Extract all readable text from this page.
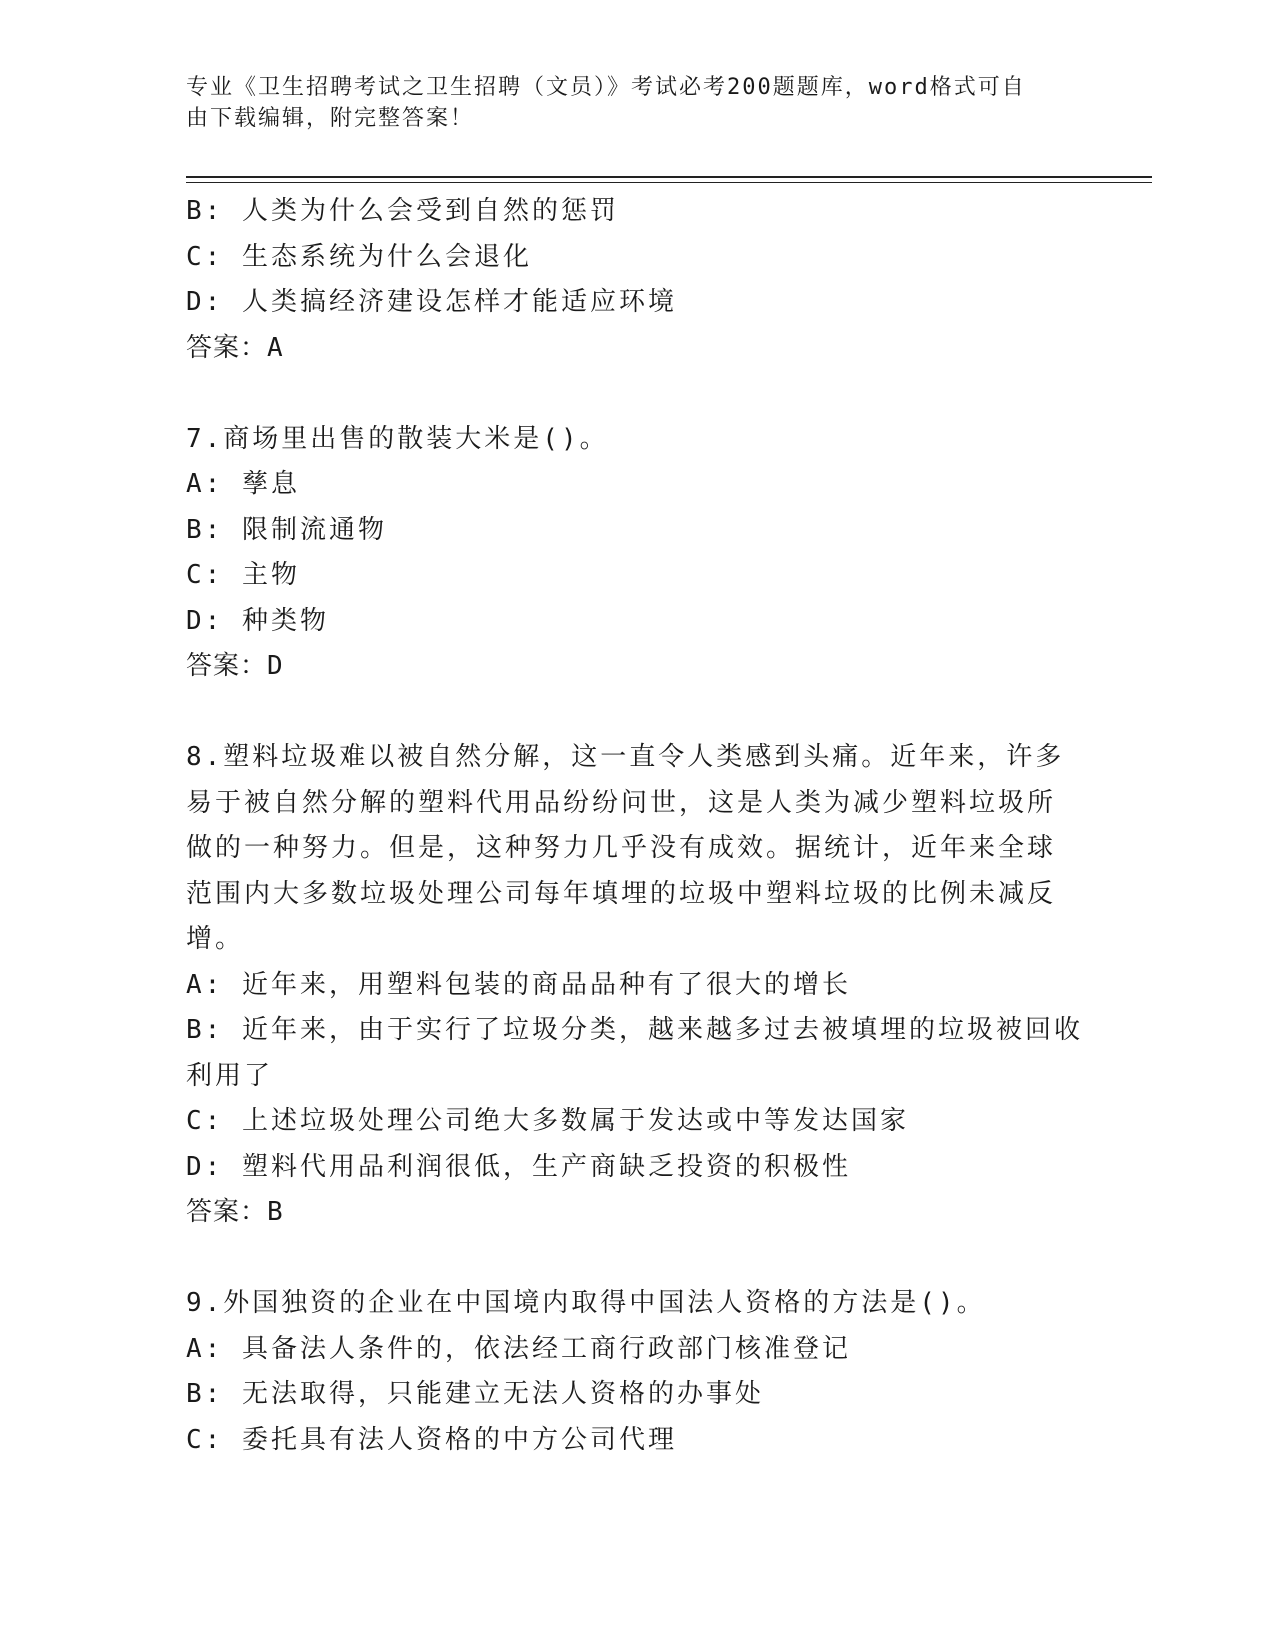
专业《卫生招聘考试之卫生招聘（文员）》考试必考200题题库，word格式可自
由下载编辑，附完整答案！
B: 人类为什么会受到自然的惩罚
C: 生态系统为什么会退化
D: 人类搞经济建设怎样才能适应环境
答案：A
7.商场里出售的散装大米是()。
A: 孳息
B: 限制流通物
C: 主物
D: 种类物
答案：D
8.塑料垃圾难以被自然分解，这一直令人类感到头痛。近年来，许多
易于被自然分解的塑料代用品纷纷问世，这是人类为减少塑料垃圾所
做的一种努力。但是，这种努力几乎没有成效。据统计，近年来全球
范围内大多数垃圾处理公司每年填埋的垃圾中塑料垃圾的比例未减反
增。
A: 近年来，用塑料包装的商品品种有了很大的增长
B: 近年来，由于实行了垃圾分类，越来越多过去被填埋的垃圾被回收
利用了
C: 上述垃圾处理公司绝大多数属于发达或中等发达国家
D: 塑料代用品利润很低，生产商缺乏投资的积极性
答案：B
9.外国独资的企业在中国境内取得中国法人资格的方法是()。
A: 具备法人条件的，依法经工商行政部门核准登记
B: 无法取得，只能建立无法人资格的办事处
C: 委托具有法人资格的中方公司代理
